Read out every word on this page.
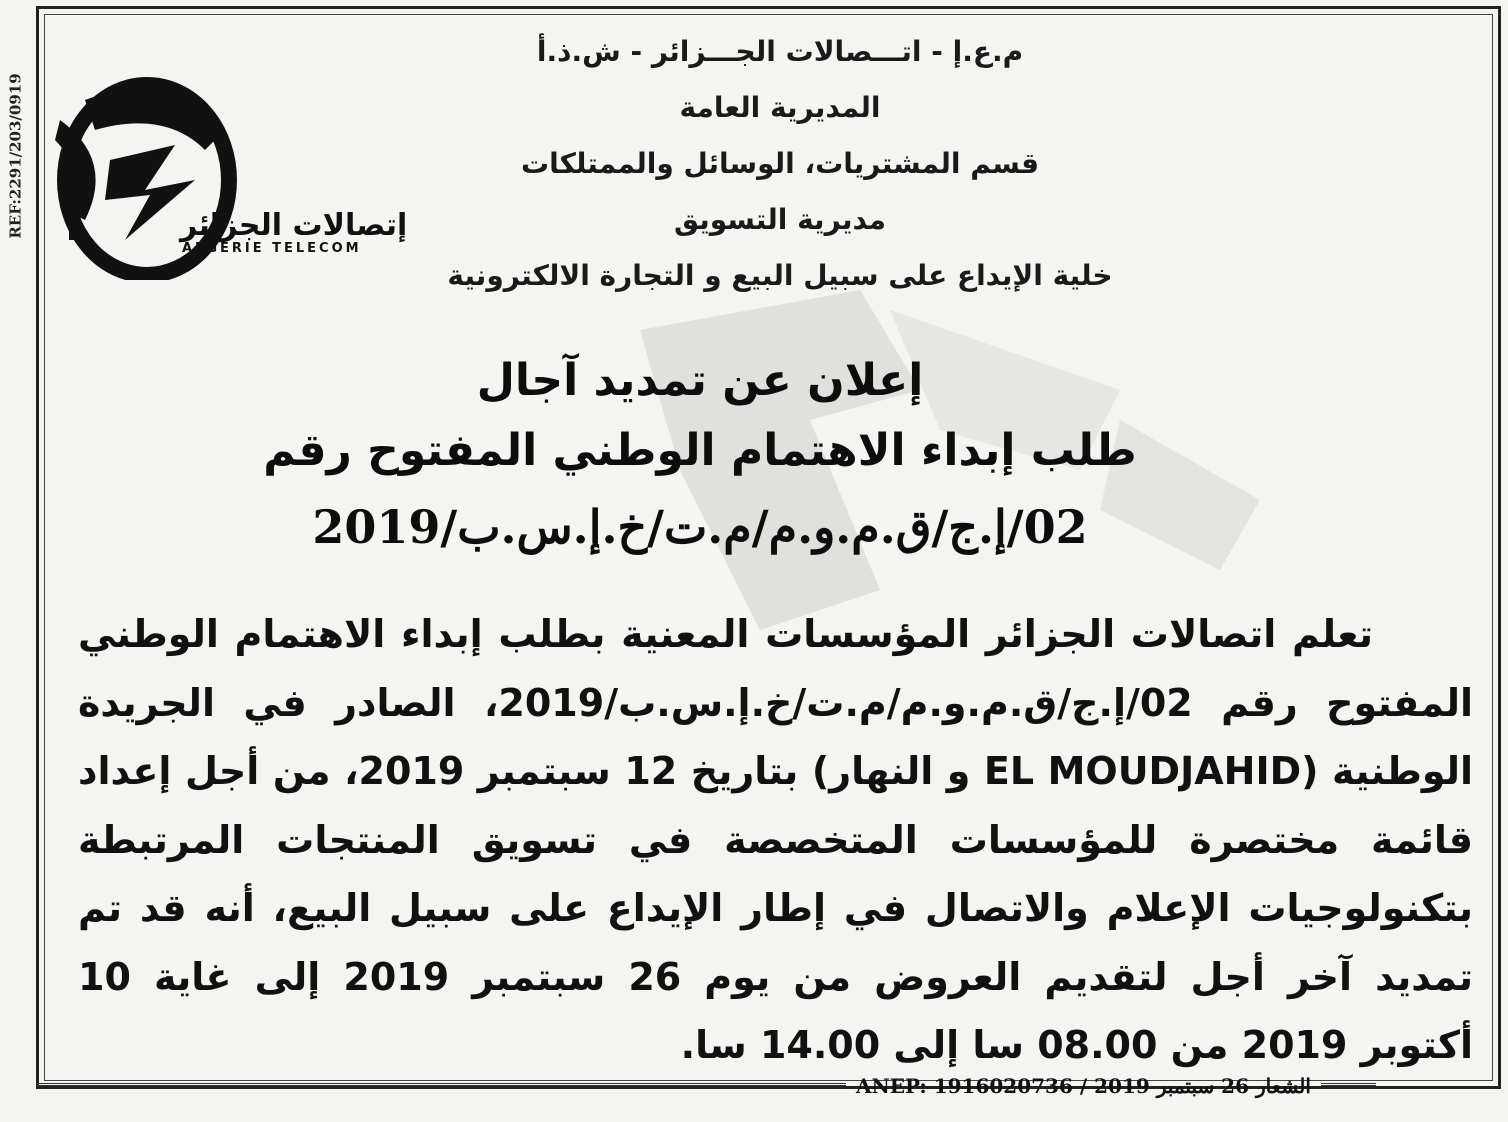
REF:2291/203/0919	إتصالات الجزائر
ALGERIE TELECOM
م.ع.إ - اتـــصالات الجـــزائر - ش.ذ.أ
المديرية العامة
قسم المشتريات، الوسائل والممتلكات
مديرية التسويق
خلية الإيداع على سبيل البيع و التجارة الالكترونية
إعلان عن تمديد آجال
طلب إبداء الاهتمام الوطني المفتوح رقم
02/إ.ج/ق.م.و.م/م.ت/خ.إ.س.ب/2019
تعلم اتصالات الجزائر المؤسسات المعنية بطلب إبداء الاهتمام الوطني المفتوح رقم 02/إ.ج/ق.م.و.م/م.ت/خ.إ.س.ب/2019، الصادر في الجريدة الوطنية (EL MOUDJAHID و النهار) بتاريخ 12 سبتمبر 2019، من أجل إعداد قائمة مختصرة للمؤسسات المتخصصة في تسويق المنتجات المرتبطة بتكنولوجيات الإعلام والاتصال في إطار الإيداع على سبيل البيع، أنه قد تم تمديد آخر أجل لتقديم العروض من يوم 26 سبتمبر 2019 إلى غاية 10 أكتوبر 2019 من 08.00 سا إلى 14.00 سا.
الشعار 26 سبتمبر 2019 / ANEP: 1916020736
